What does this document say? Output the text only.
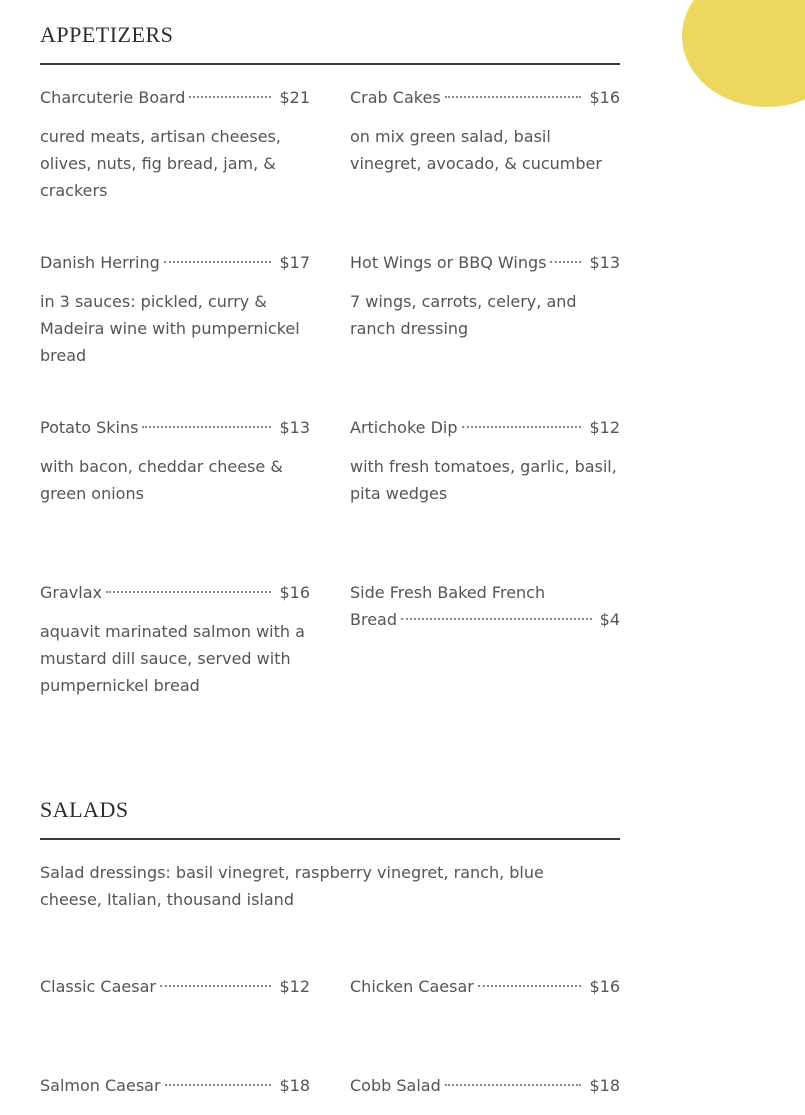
APPETIZERS
Charcuterie Board	$21
cured meats, artisan cheeses, olives, nuts, fig bread, jam, & crackers
Crab Cakes	$16
on mix green salad, basil vinegret, avocado, & cucumber
Danish Herring	$17
in 3 sauces: pickled, curry & Madeira wine with pumpernickel bread
Hot Wings or BBQ Wings	$13
7 wings, carrots, celery, and ranch dressing
Potato Skins	$13
with bacon, cheddar cheese & green onions
Artichoke Dip	$12
with fresh tomatoes, garlic, basil, pita wedges
Gravlax	$16
aquavit marinated salmon with a mustard dill sauce, served with pumpernickel bread
Side Fresh Baked French
Bread	$4
SALADS
Salad dressings: basil vinegret, raspberry vinegret, ranch, blue cheese, Italian, thousand island
Classic Caesar	$12	Chicken Caesar	$16
Salmon Caesar	$18	Cobb Salad	$18
